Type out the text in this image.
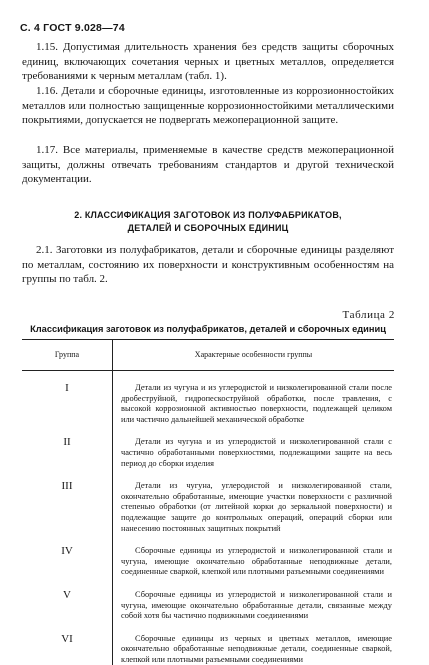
С. 4 ГОСТ 9.028—74

1.15. Допустимая длительность хранения без средств защиты сборочных единиц, включающих сочетания черных и цветных металлов, определяется требованиями к черным металлам (табл. 1).

1.16. Детали и сборочные единицы, изготовленные из коррозионностойких металлов или полностью защищенные коррозионностойкими металлическими покрытиями, допускается не подвергать межоперационной защите.

1.17. Все материалы, применяемые в качестве средств межоперационной защиты, должны отвечать требованиям стандартов и другой технической документации.

2. КЛАССИФИКАЦИЯ ЗАГОТОВОК ИЗ ПОЛУФАБРИКАТОВ,
ДЕТАЛЕЙ И СБОРОЧНЫХ ЕДИНИЦ

2.1. Заготовки из полуфабрикатов, детали и сборочные единицы разделяют по металлам, состоянию их поверхности и конструктивным особенностям на группы по табл. 2.

Таблица 2
Классификация заготовок из полуфабрикатов, деталей и сборочных единиц
Группа	Характерные особенности группы
I	Детали из чугуна и из углеродистой и низколегированной стали после дробеструйной, гидропескоструйной обработки, после травления, с высокой коррозионной активностью поверхности, подлежащей целиком или частично дальнейшей механической обработке
II	Детали из чугуна и из углеродистой и низколегированной стали с частично обработанными поверхностями, подлежащими защите на весь период до сборки изделия
III	Детали из чугуна, углеродистой и низколегированной стали, окончательно обработанные, имеющие участки поверхности с различной степенью обработки (от литейной корки до зеркальной поверхности) и подлежащие защите до контрольных операций, операций сборки или нанесению постоянных защитных покрытий
IV	Сборочные единицы из углеродистой и низколегированной стали и чугуна, имеющие окончательно обработанные неподвижные детали, соединенные сваркой, клепкой или плотными разъемными соединениями
V	Сборочные единицы из углеродистой и низколегированной стали и чугуна, имеющие окончательно обработанные детали, связанные между собой хотя бы частично подвижными соединениями
VI	Сборочные единицы из черных и цветных металлов, имеющие окончательно обработанные неподвижные детали, соединенные сваркой, клепкой или плотными разъемными соединениями
